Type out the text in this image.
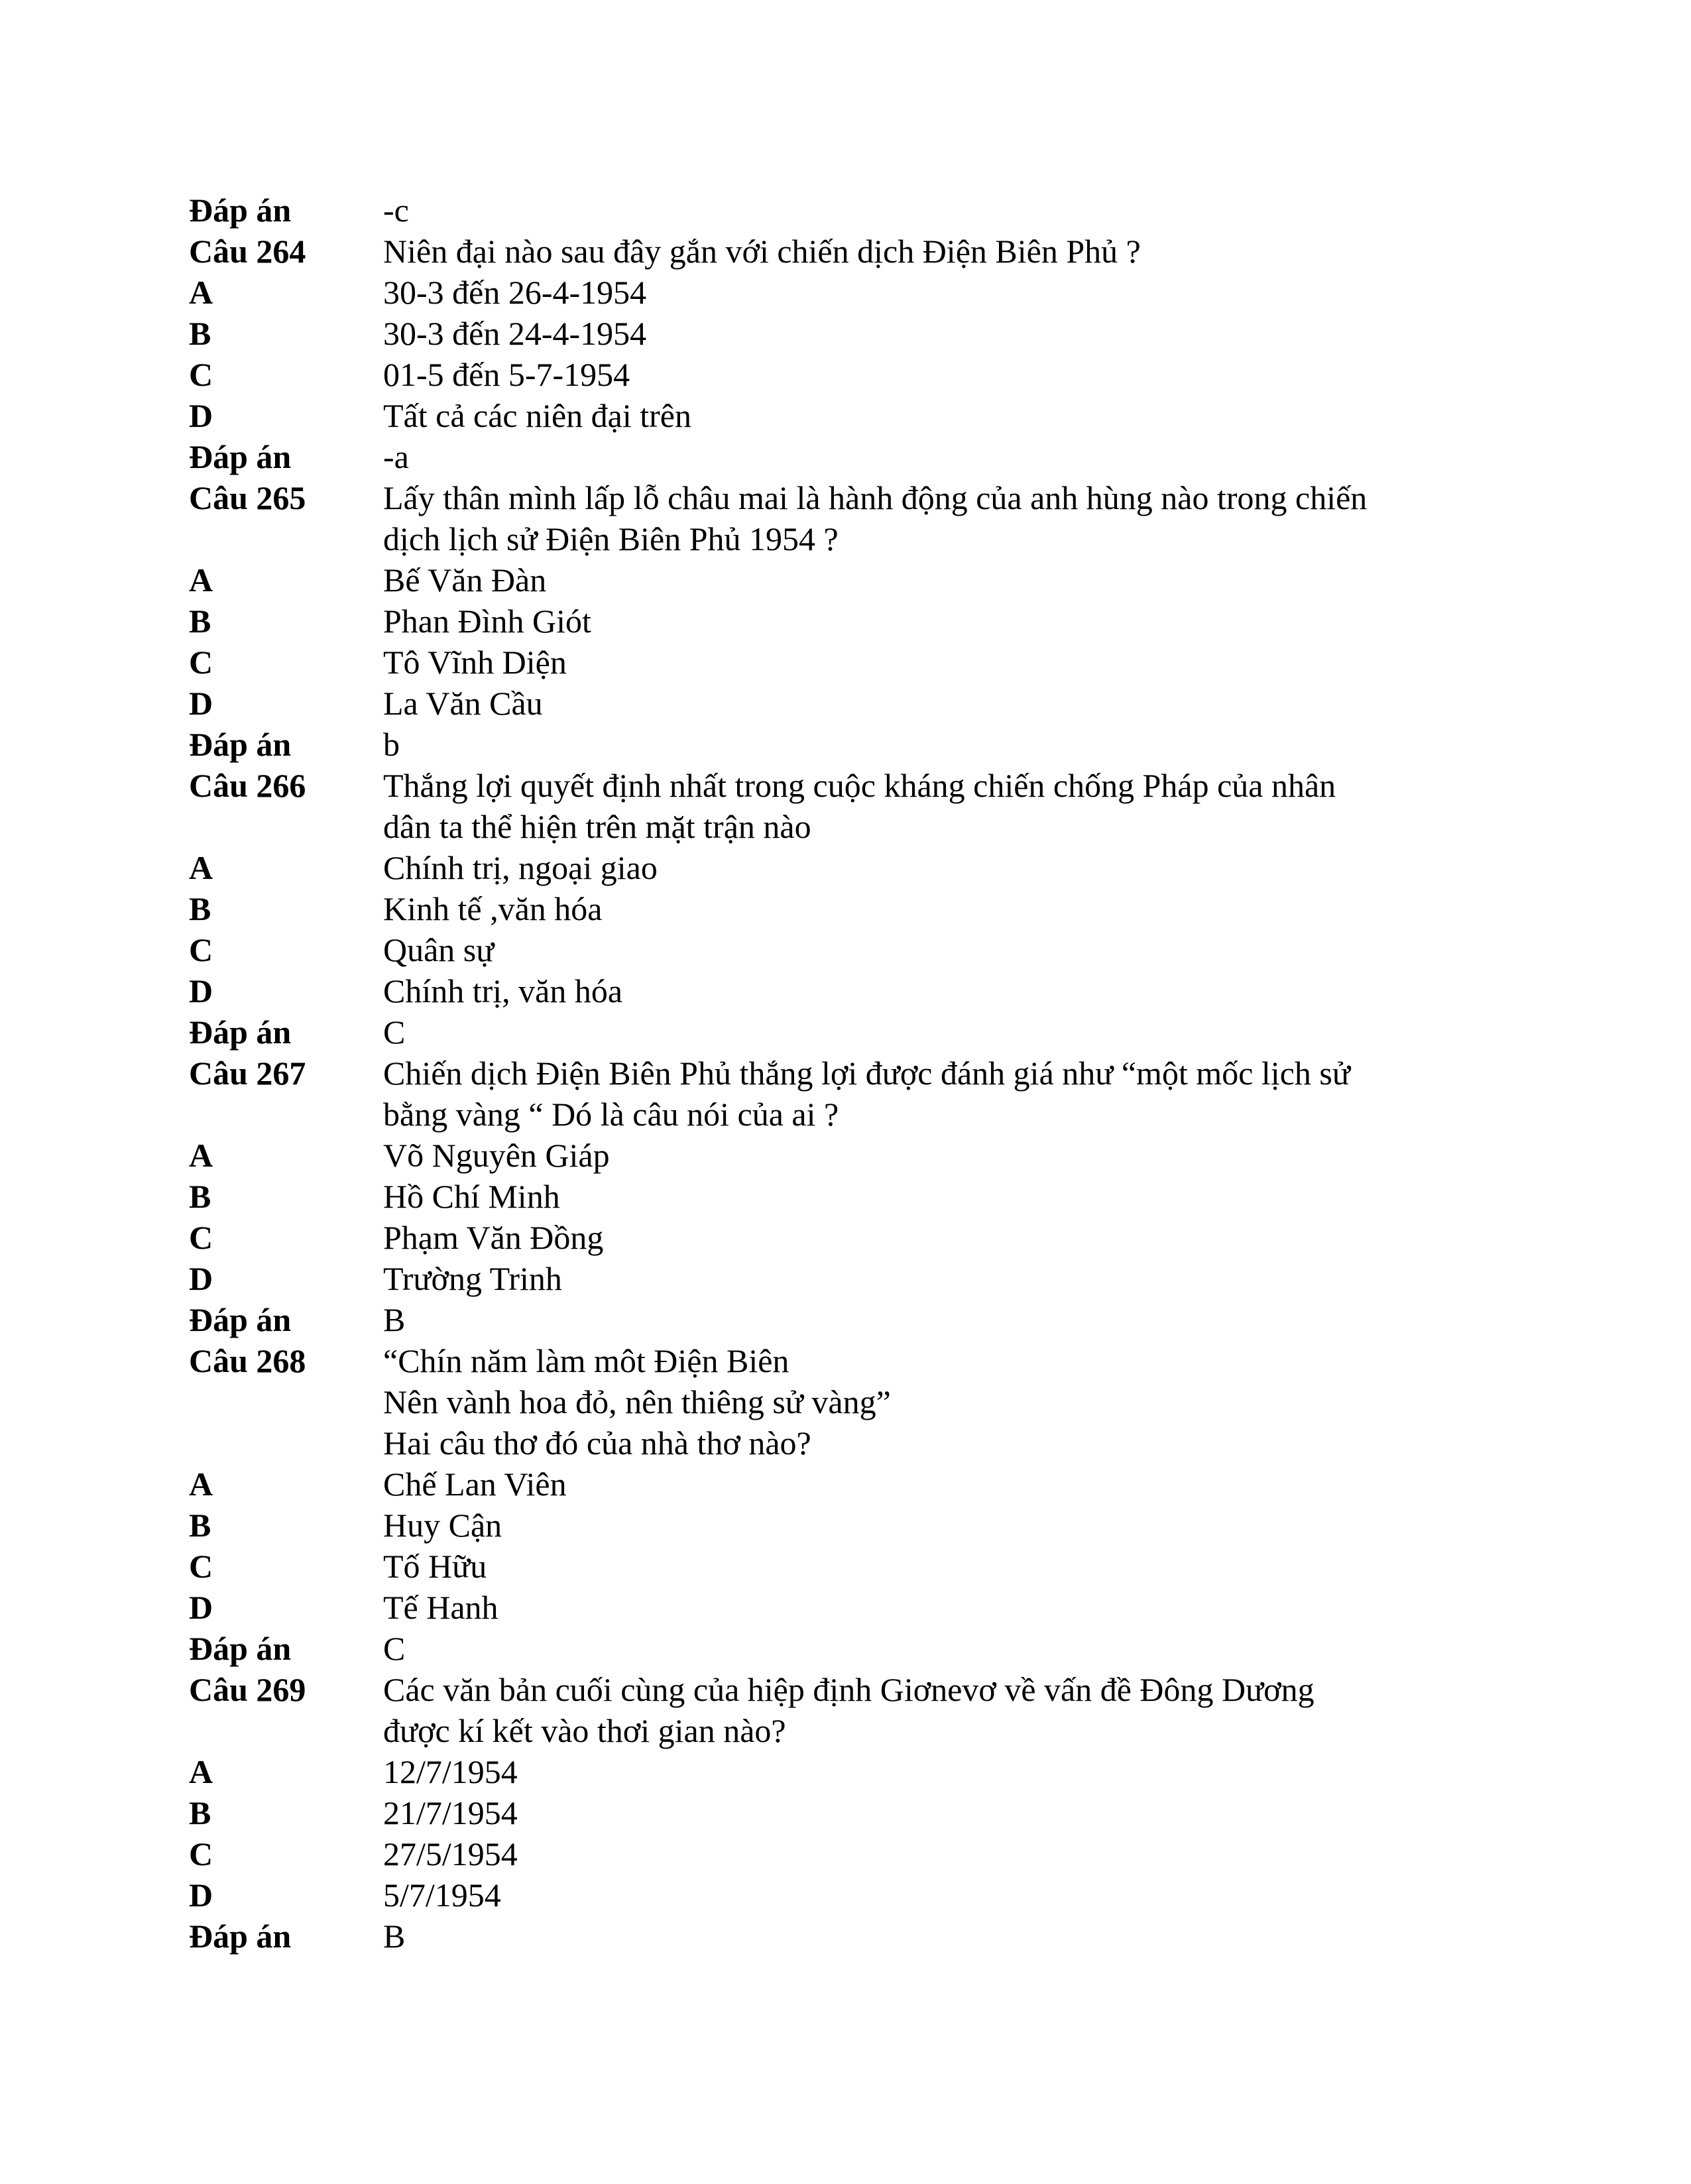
Đáp án	-c
Câu 264	Niên đại nào sau đây gắn với chiến dịch Điện Biên Phủ ?
A	30-3 đến 26-4-1954
B	30-3 đến 24-4-1954
C	01-5 đến 5-7-1954
D	Tất cả các niên đại trên
Đáp án	-a
Câu 265	Lấy thân mình lấp lỗ châu mai là hành động của anh hùng nào trong chiến
dịch lịch sử Điện Biên Phủ 1954 ?
A	Bế Văn Đàn
B	Phan Đình Giót
C	Tô Vĩnh Diện
D	La Văn Cầu
Đáp án	b
Câu 266	Thắng lợi quyết định nhất trong cuộc kháng chiến chống Pháp của nhân
dân ta thể hiện trên mặt trận nào
A	Chính trị, ngoại giao
B	Kinh tế ,văn hóa
C	Quân sự
D	Chính trị, văn hóa
Đáp án	C
Câu 267	Chiến dịch Điện Biên Phủ thắng lợi được đánh giá như “một mốc lịch sử
bằng vàng “ Dó là câu nói của ai ?
A	Võ Nguyên Giáp
B	Hồ Chí Minh
C	Phạm Văn Đồng
D	Trường Trinh
Đáp án	B
Câu 268	“Chín năm làm môt Điện Biên
Nên vành hoa đỏ, nên thiêng sử vàng”
Hai câu thơ đó của nhà thơ nào?
A	Chế Lan Viên
B	Huy Cận
C	Tố Hữu
D	Tế Hanh
Đáp án	C
Câu 269	Các văn bản cuối cùng của hiệp định Giơnevơ về vấn đề Đông Dương
được kí kết vào thơi gian nào?
A	12/7/1954
B	21/7/1954
C	27/5/1954
D	5/7/1954
Đáp án	B
